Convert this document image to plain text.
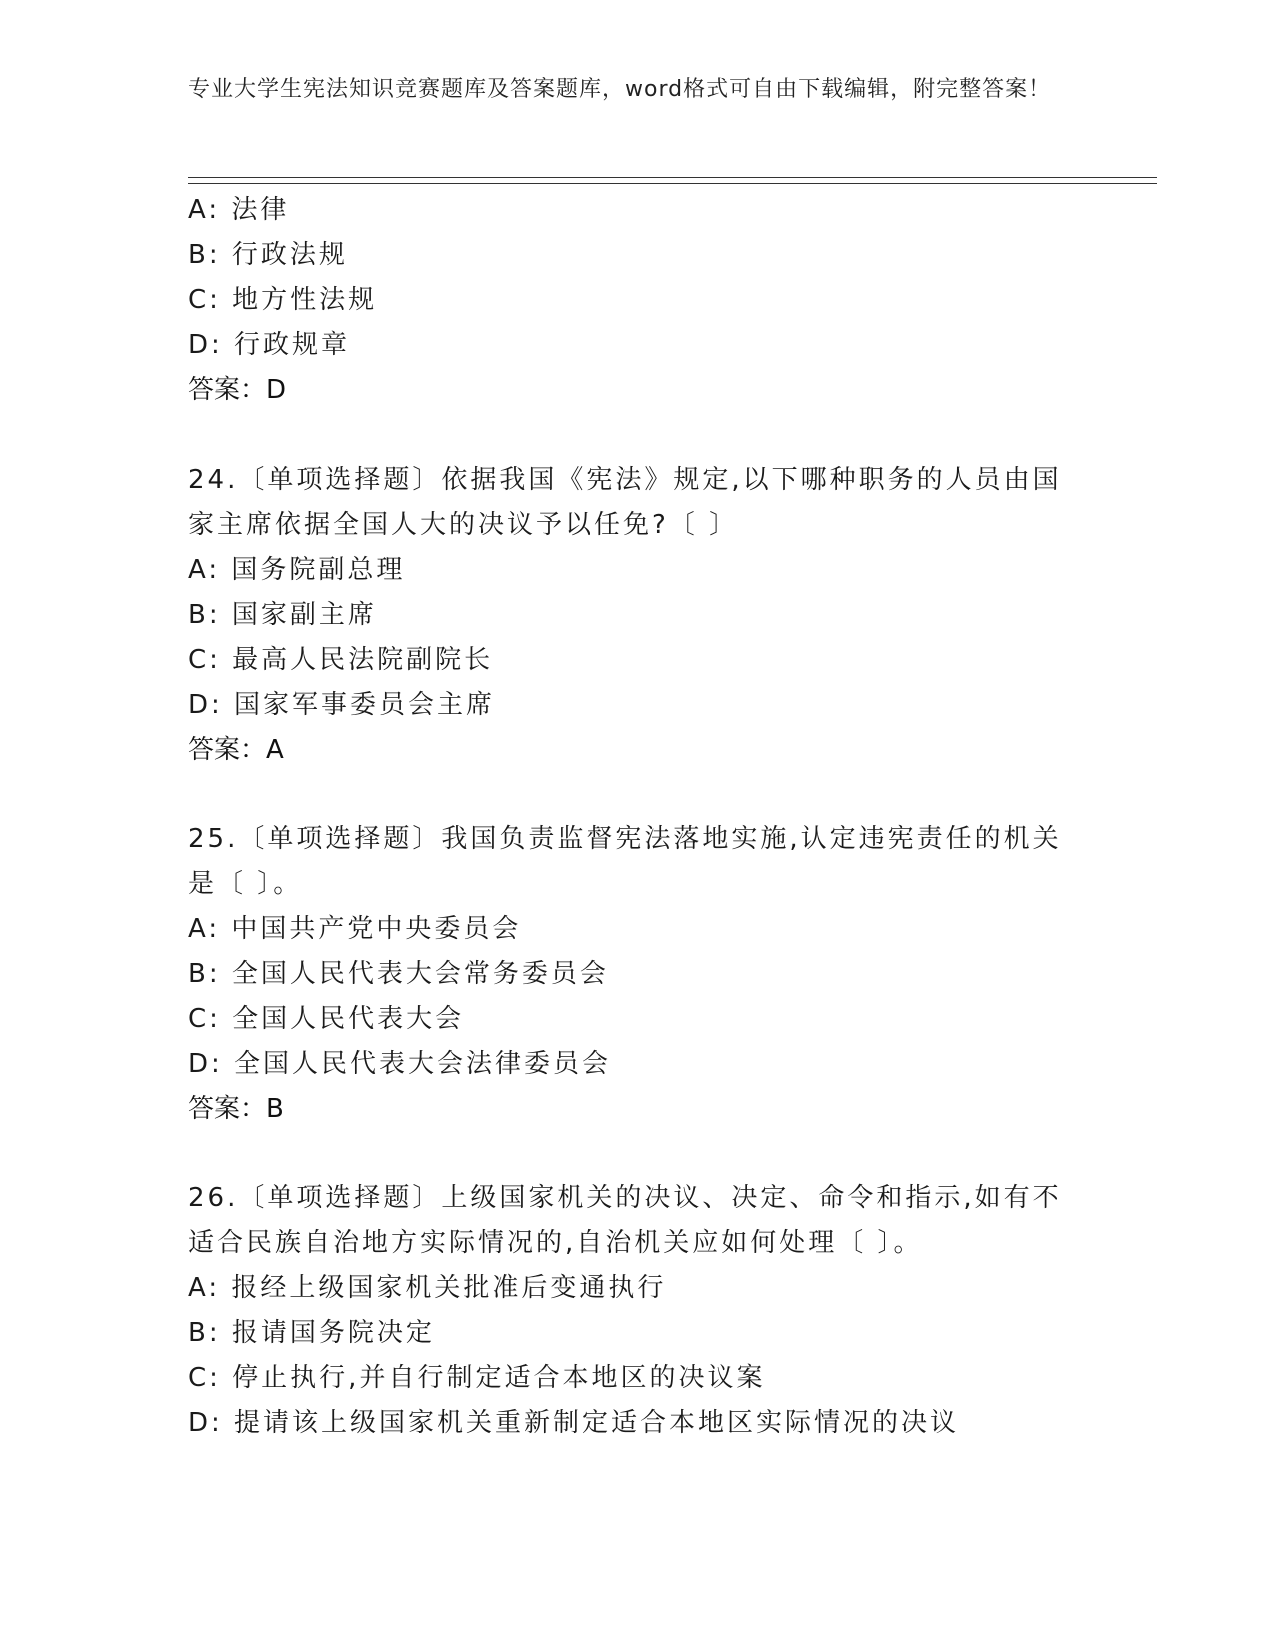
专业大学生宪法知识竞赛题库及答案题库，word格式可自由下载编辑，附完整答案！
A: 法律
B: 行政法规
C: 地方性法规
D: 行政规章
答案：D
24.〔单项选择题〕依据我国《宪法》规定,以下哪种职务的人员由国
家主席依据全国人大的决议予以任免?〔 〕
A: 国务院副总理
B: 国家副主席
C: 最高人民法院副院长
D: 国家军事委员会主席
答案：A
25.〔单项选择题〕我国负责监督宪法落地实施,认定违宪责任的机关
是〔 〕。
A: 中国共产党中央委员会
B: 全国人民代表大会常务委员会
C: 全国人民代表大会
D: 全国人民代表大会法律委员会
答案：B
26.〔单项选择题〕上级国家机关的决议、决定、命令和指示,如有不
适合民族自治地方实际情况的,自治机关应如何处理〔 〕。
A: 报经上级国家机关批准后变通执行
B: 报请国务院决定
C: 停止执行,并自行制定适合本地区的决议案
D: 提请该上级国家机关重新制定适合本地区实际情况的决议
